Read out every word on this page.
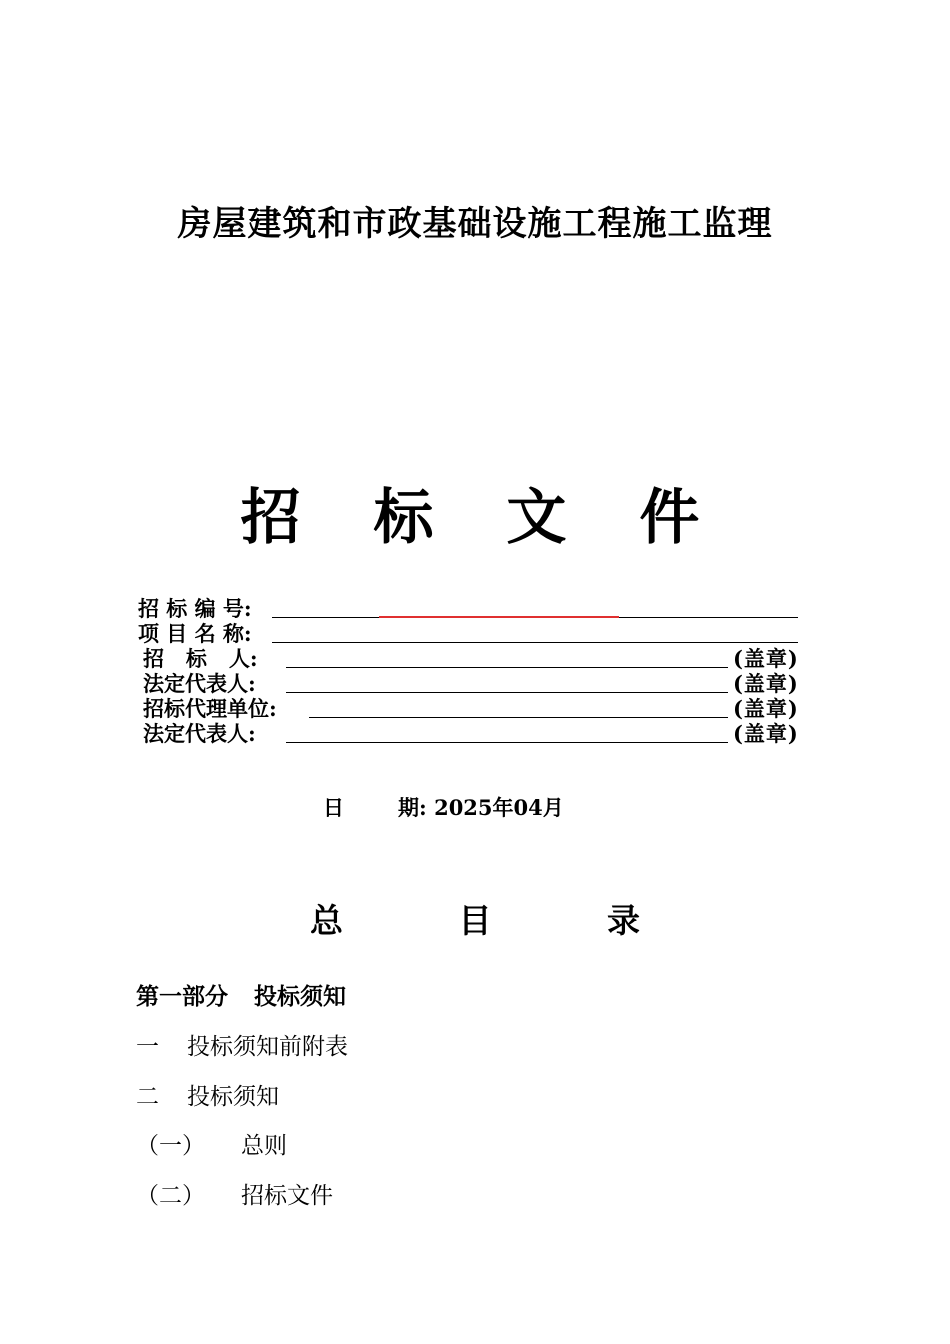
房屋建筑和市政基础设施工程施工监理
招 标 文 件
招 标 编 号:
项 目 名 称:
招   标   人:	(盖章)
法定代表人:	(盖章)
招标代理单位:	(盖章)
法定代表人:	(盖章)
日	期: 2025年04月
总 目 录
第一部分 投标须知
一 投标须知前附表
二 投标须知
（一） 总则
（二） 招标文件
